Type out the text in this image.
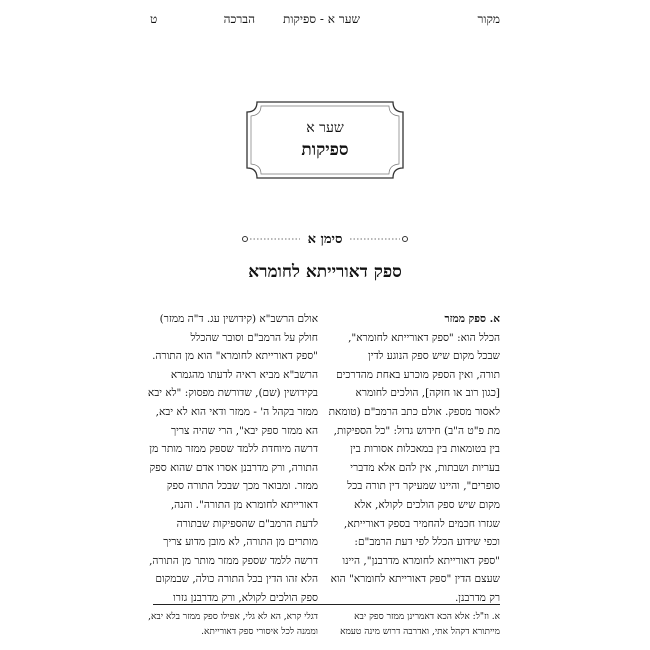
מקור
שער א - ספיקות
הברכה
ט
שער א
ספיקות
סימן א
ספק דאורייתא לחומרא
א. ספק ממזר
הכלל הוא: "ספק דאורייתא לחומרא",
שבכל מקום שיש ספק הנוגע לדין
תורה, ואין הספק מוכרע באחת מהדרכים
[כגון רוב או חזקה], הולכים לחומרא
לאסור מספק. אולם כתב הרמב"ם (טומאת
מת פ"ט ה"ב) חידוש גדול: "כל הספיקות,
בין בטומאות בין במאכלות אסורות בין
בעריות ושבתות, אין להם אלא מדברי
סופרים", והיינו שמעיקר דין תורה בכל
מקום שיש ספק הולכים לקולא, אלא
שגזרו חכמים להחמיר בספק דאורייתא,
וכפי שידוע הכלל לפי דעת הרמב"ם:
"ספק דאורייתא לחומרא מדרבנן", היינו
שעצם הדין "ספק דאורייתא לחומרא" הוא
רק מדרבנן.
אולם הרשב"א (קידושין עג. ד"ה ממזר)
חולק על הרמב"ם וסובר שהכלל
"ספק דאורייתא לחומרא" הוא מן התורה.
הרשב"א מביא ראיה לדעתו מהגמרא
בקידושין (שם), שדורשת מפסוק: "לא יבא
ממזר בקהל ה' - ממזר ודאי הוא לא יבא,
הא ממזר ספק יבא", הרי שהיה צריך
דרשה מיוחדת ללמד שספק ממזר מותר מן
התורה, ורק מדרבנן אסרו אדם שהוא ספק
ממזר. ומבואר מכך שבכל התורה ספק
דאורייתא לחומרא מן התורה". והנה,
לדעת הרמב"ם שהספיקות שבתורה
מותרים מן התורה, לא מובן מדוע צריך
דרשה ללמד שספק ממזר מותר מן התורה,
הלא זהו הדין בכל התורה כולה, שבמקום
ספק הולכים לקולא, ורק מדרבנן גזרו
א. וז"ל: אלא הכא דאמרינן ממזר ספק יבא
מייתורא דקהל אתי, ואדרבה דרוש מינה טעמא
דגלי קרא, הא לא גלי, אפילו ספק ממזר בלא יבא,
וממנה לכל איסורי ספק דאורייתא.
